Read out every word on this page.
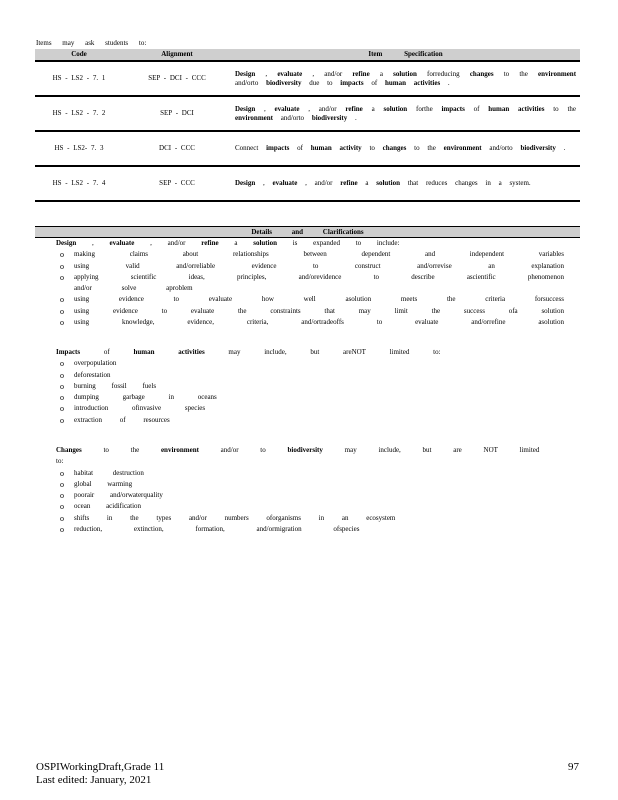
Items may ask students to:
Code	Alignment	Item Specification
HS - LS2 - 7. 1	SEP - DCI - CCC	Design , evaluate , and/or refine a solution forreducing changes to the environment and/orto biodiversity due to impacts of human activities .
HS - LS2 - 7. 2	SEP - DCI	Design , evaluate , and/or refine a solution forthe impacts of human activities to the environment and/orto biodiversity .
HS - LS2- 7. 3	DCI - CCC	Connect impacts of human activity to changes to the environment and/orto biodiversity .
HS - LS2 - 7. 4	SEP - CCC	Design , evaluate , and/or refine a solution that reduces changes in a system.
Details and Clarifications
Design , evaluate , and/or refine a solution is expanded to include:
o	making claims about relationships between dependent and independent variables
o	using valid and/orreliable evidence to construct and/orrevise an explanation
o	applying scientific ideas, principles, and/orevidence to describe ascientific phenomenon and/or solve aproblem
o	using evidence to evaluate how well asolution meets the criteria forsuccess
o	using evidence to evaluate the constraints that may limit the success ofa solution
o	using knowledge, evidence, criteria, and/ortradeoffs to evaluate and/orrefine asolution
Impacts of human activities may include, but areNOT limited to:
o	overpopulation
o	deforestation
o	burning fossil fuels
o	dumping garbage in oceans
o	introduction ofinvasive species
o	extraction of resources
Changes to the environment and/or to biodiversity may include, but are NOT limited to:
o	habitat destruction
o	global warming
o	poorair and/orwaterquality
o	ocean acidification
o	shifts in the types and/or numbers oforganisms in an ecosystem
o	reduction, extinction, formation, and/ormigration ofspecies
OSPIWorkingDraft,Grade 11
Last edited: January, 2021
97
